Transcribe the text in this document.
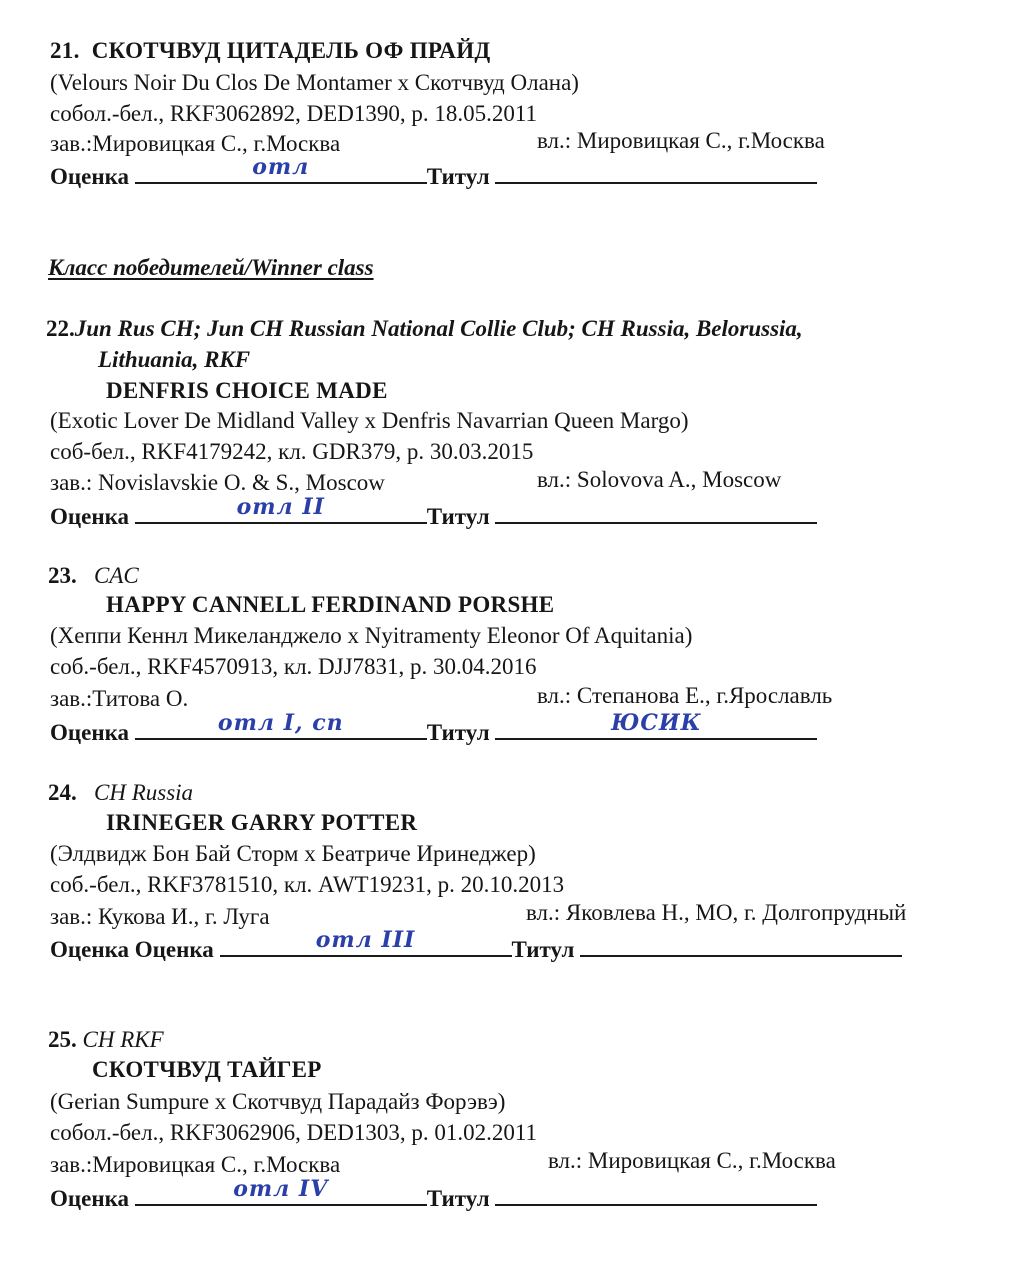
21. СКОТЧВУД ЦИТАДЕЛЬ ОФ ПРАЙД
(Velours Noir Du Clos De Montamer x Скотчвуд Олана)
собол.-бел., RKF3062892, DED1390, р. 18.05.2011
зав.:Мировицкая С., г.Москва	вл.: Мировицкая С., г.Москва
Оценка	отл	Титул
Класс победителей/Winner class
22.Jun Rus CH; Jun CH Russian National Collie Club; CH Russia, Belorussia,
Lithuania, RKF
DENFRIS CHOICE MADE
(Exotic Lover De Midland Valley x Denfris Navarrian Queen Margo)
соб-бел., RKF4179242, кл. GDR379, р. 30.03.2015
зав.: Novislavskie O. & S., Moscow	вл.: Solovova A., Moscow
Оценка	отл II	Титул
23. CAC
HAPPY CANNELL FERDINAND PORSHE
(Хеппи Кеннл Микеланджело x Nyitramenty Eleonor Of Aquitania)
соб.-бел., RKF4570913, кл. DJJ7831, р. 30.04.2016
зав.:Титова О.	вл.: Степанова Е., г.Ярославль
Оценка	отл I, сп	Титул	ЮСИК
24. CH Russia
IRINEGER GARRY POTTER
(Элдвидж Бон Бай Сторм x Беатриче Иринеджер)
соб.-бел., RKF3781510, кл. AWT19231, р. 20.10.2013
зав.: Кукова И., г. Луга	вл.: Яковлева Н., МО, г. Долгопрудный
Оценка Оценка	отл III	Титул
25. CH RKF
СКОТЧВУД ТАЙГЕР
(Gerian Sumpure x Скотчвуд Парадайз Форэвэ)
собол.-бел., RKF3062906, DED1303, р. 01.02.2011
зав.:Мировицкая С., г.Москва	вл.: Мировицкая С., г.Москва
Оценка	отл IV	Титул
